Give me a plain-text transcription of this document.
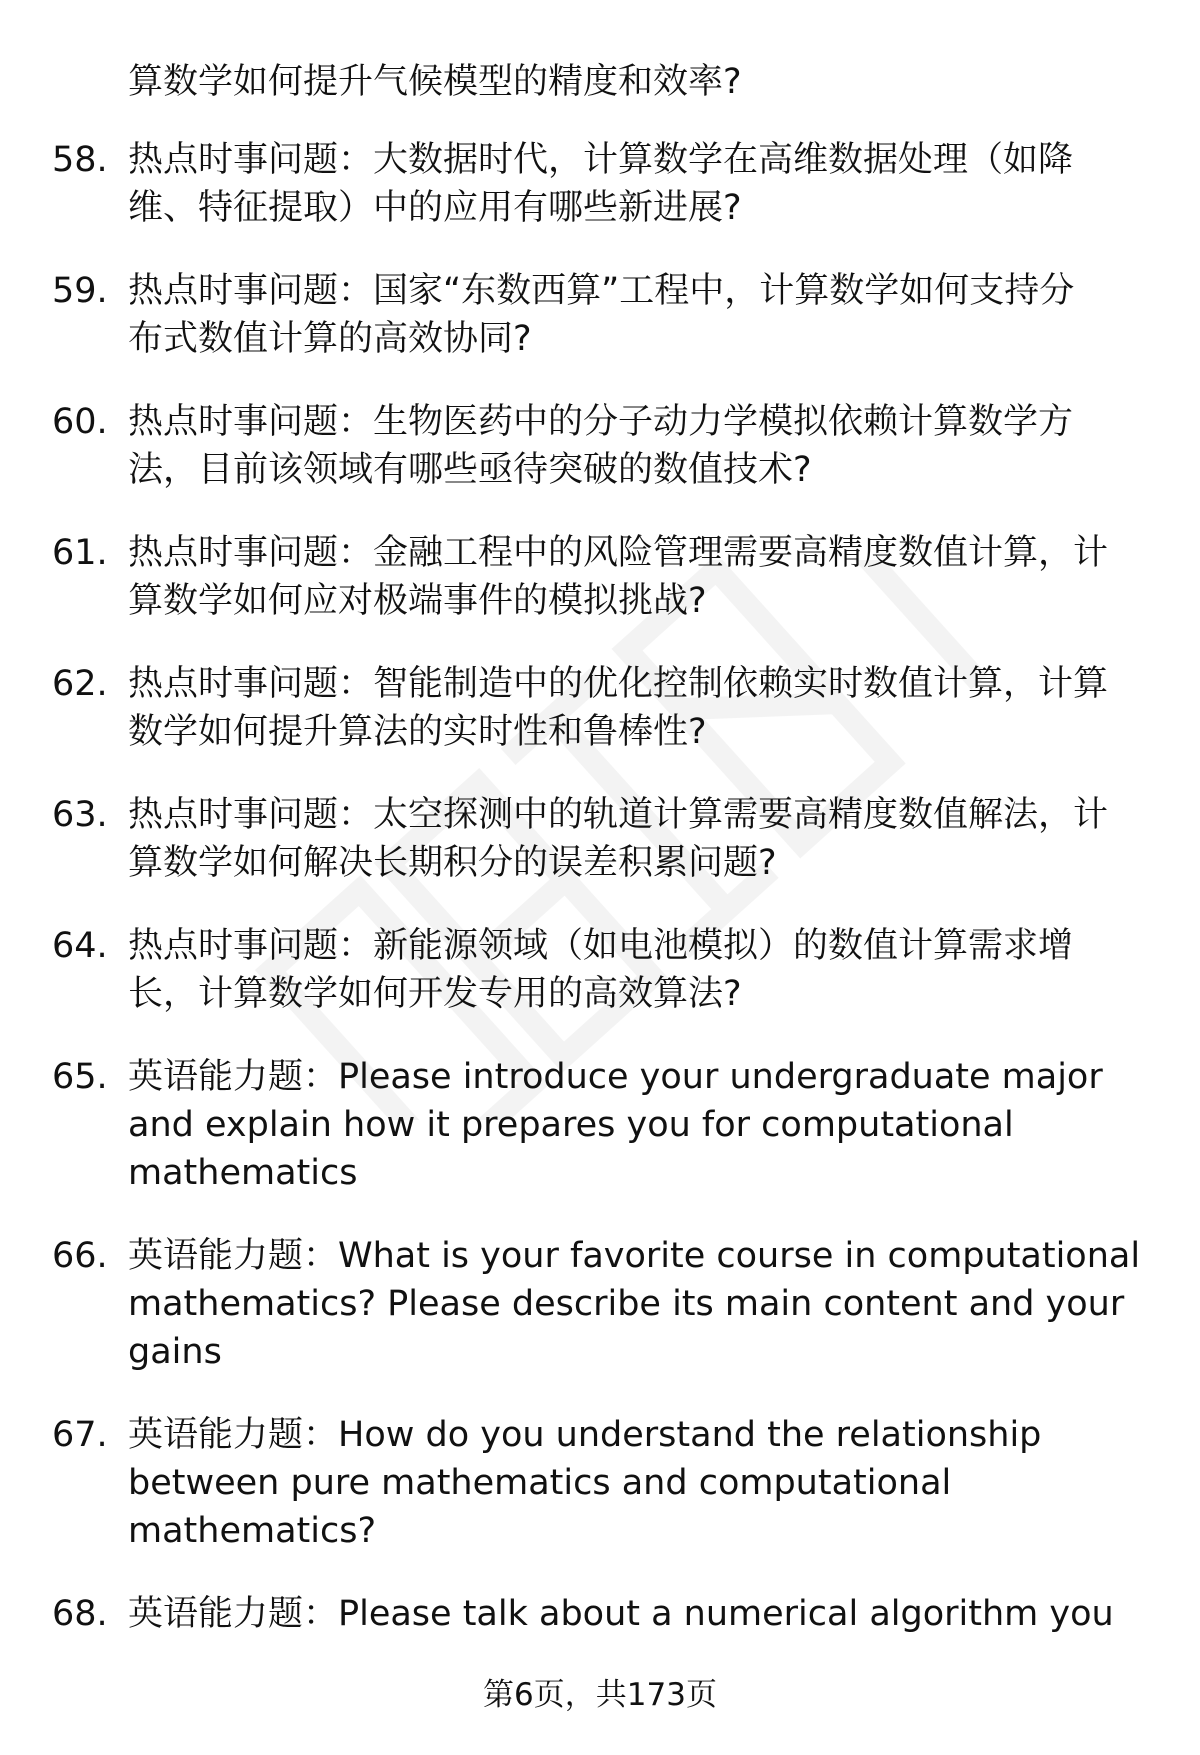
算数学如何提升气候模型的精度和效率?
58. 热点时事问题：大数据时代，计算数学在高维数据处理（如降
维、特征提取）中的应用有哪些新进展?
59. 热点时事问题：国家“东数西算”工程中，计算数学如何支持分
布式数值计算的高效协同?
60. 热点时事问题：生物医药中的分子动力学模拟依赖计算数学方
法，目前该领域有哪些亟待突破的数值技术?
61. 热点时事问题：金融工程中的风险管理需要高精度数值计算，计
算数学如何应对极端事件的模拟挑战?
62. 热点时事问题：智能制造中的优化控制依赖实时数值计算，计算
数学如何提升算法的实时性和鲁棒性?
63. 热点时事问题：太空探测中的轨道计算需要高精度数值解法，计
算数学如何解决长期积分的误差积累问题?
64. 热点时事问题：新能源领域（如电池模拟）的数值计算需求增
长，计算数学如何开发专用的高效算法?
65. 英语能力题：Please introduce your undergraduate major
and explain how it prepares you for computational
mathematics
66. 英语能力题：What is your favorite course in computational
mathematics? Please describe its main content and your
gains
67. 英语能力题：How do you understand the relationship
between pure mathematics and computational
mathematics?
68. 英语能力题：Please talk about a numerical algorithm you
第6页，共173页
